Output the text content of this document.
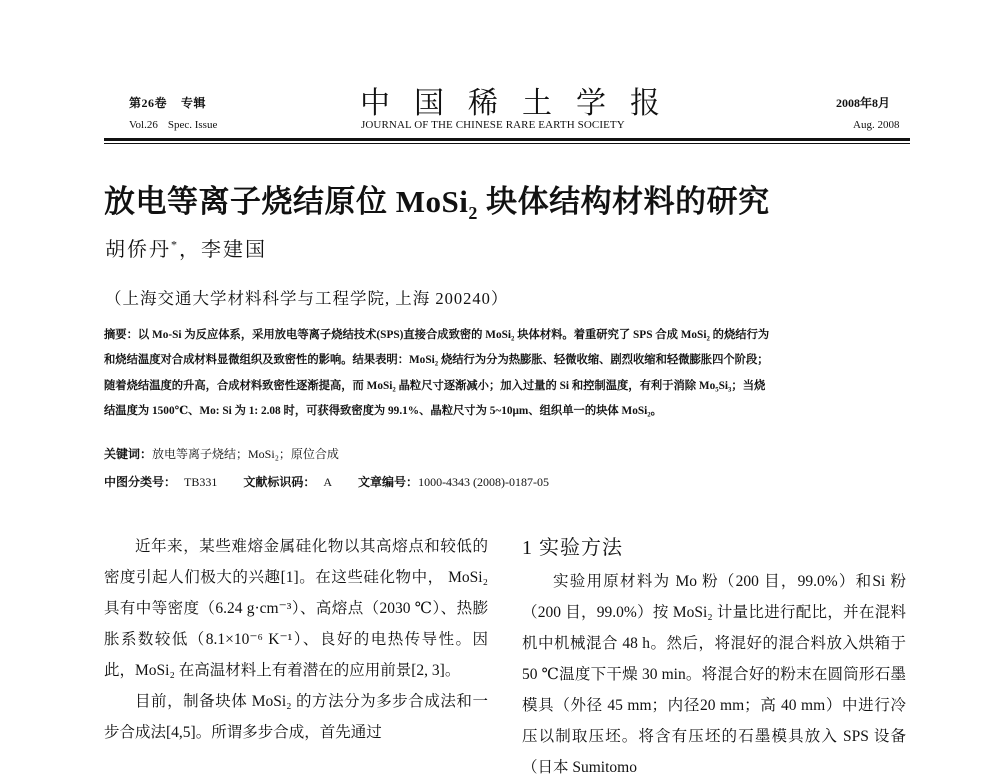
第26卷 专辑
Vol.26 Spec. Issue
中国稀土学报
JOURNAL OF THE CHINESE RARE EARTH SOCIETY
2008年8月
Aug. 2008
放电等离子烧结原位 MoSi$_2$ 块体结构材料的研究
胡侨丹*，李建国
（上海交通大学材料科学与工程学院, 上海 200240）

摘要：以 Mo-Si 为反应体系，采用放电等离子烧结技术(SPS)直接合成致密的 MoSi₂ 块体材料。着重研究了 SPS 合成 MoSi₂ 的烧结行为

和烧结温度对合成材料显微组织及致密性的影响。结果表明：MoSi₂ 烧结行为分为热膨胀、轻微收缩、剧烈收缩和轻微膨胀四个阶段；

随着烧结温度的升高，合成材料致密性逐渐提高，而 MoSi₂ 晶粒尺寸逐渐减小；加入过量的 Si 和控制温度，有利于消除 Mo₅Si₃；当烧

结温度为 1500℃、Mo: Si 为 1: 2.08 时，可获得致密度为 99.1%、晶粒尺寸为 5~10μm、组织单一的块体 MoSi₂。

关键词：放电等离子烧结；MoSi₂；原位合成
中图分类号： TB331 文献标识码： A 文章编号：1000-4343 (2008)-0187-05

近年来，某些难熔金属硅化物以其高熔点和较低的密度引起人们极大的兴趣[1]。在这些硅化物中， MoSi₂ 具有中等密度（6.24 g·cm⁻³）、高熔点（2030 ℃）、热膨胀系数较低（8.1×10⁻⁶ K⁻¹）、良好的电热传导性。因此，MoSi₂ 在高温材料上有着潜在的应用前景[2, 3]。

目前，制备块体 MoSi₂ 的方法分为多步合成法和一步合成法[4,5]。所谓多步合成，首先通过

1 实验方法

实验用原材料为 Mo 粉（200 目，99.0%）和Si 粉（200 目，99.0%）按 MoSi₂ 计量比进行配比，并在混料机中机械混合 48 h。然后，将混好的混合料放入烘箱于 50 ℃温度下干燥 30 min。将混合好的粉末在圆筒形石墨模具（外径 45 mm；内径20 mm；高 40 mm）中进行冷压以制取压坯。将含有压坯的石墨模具放入 SPS 设备（日本 Sumitomo
